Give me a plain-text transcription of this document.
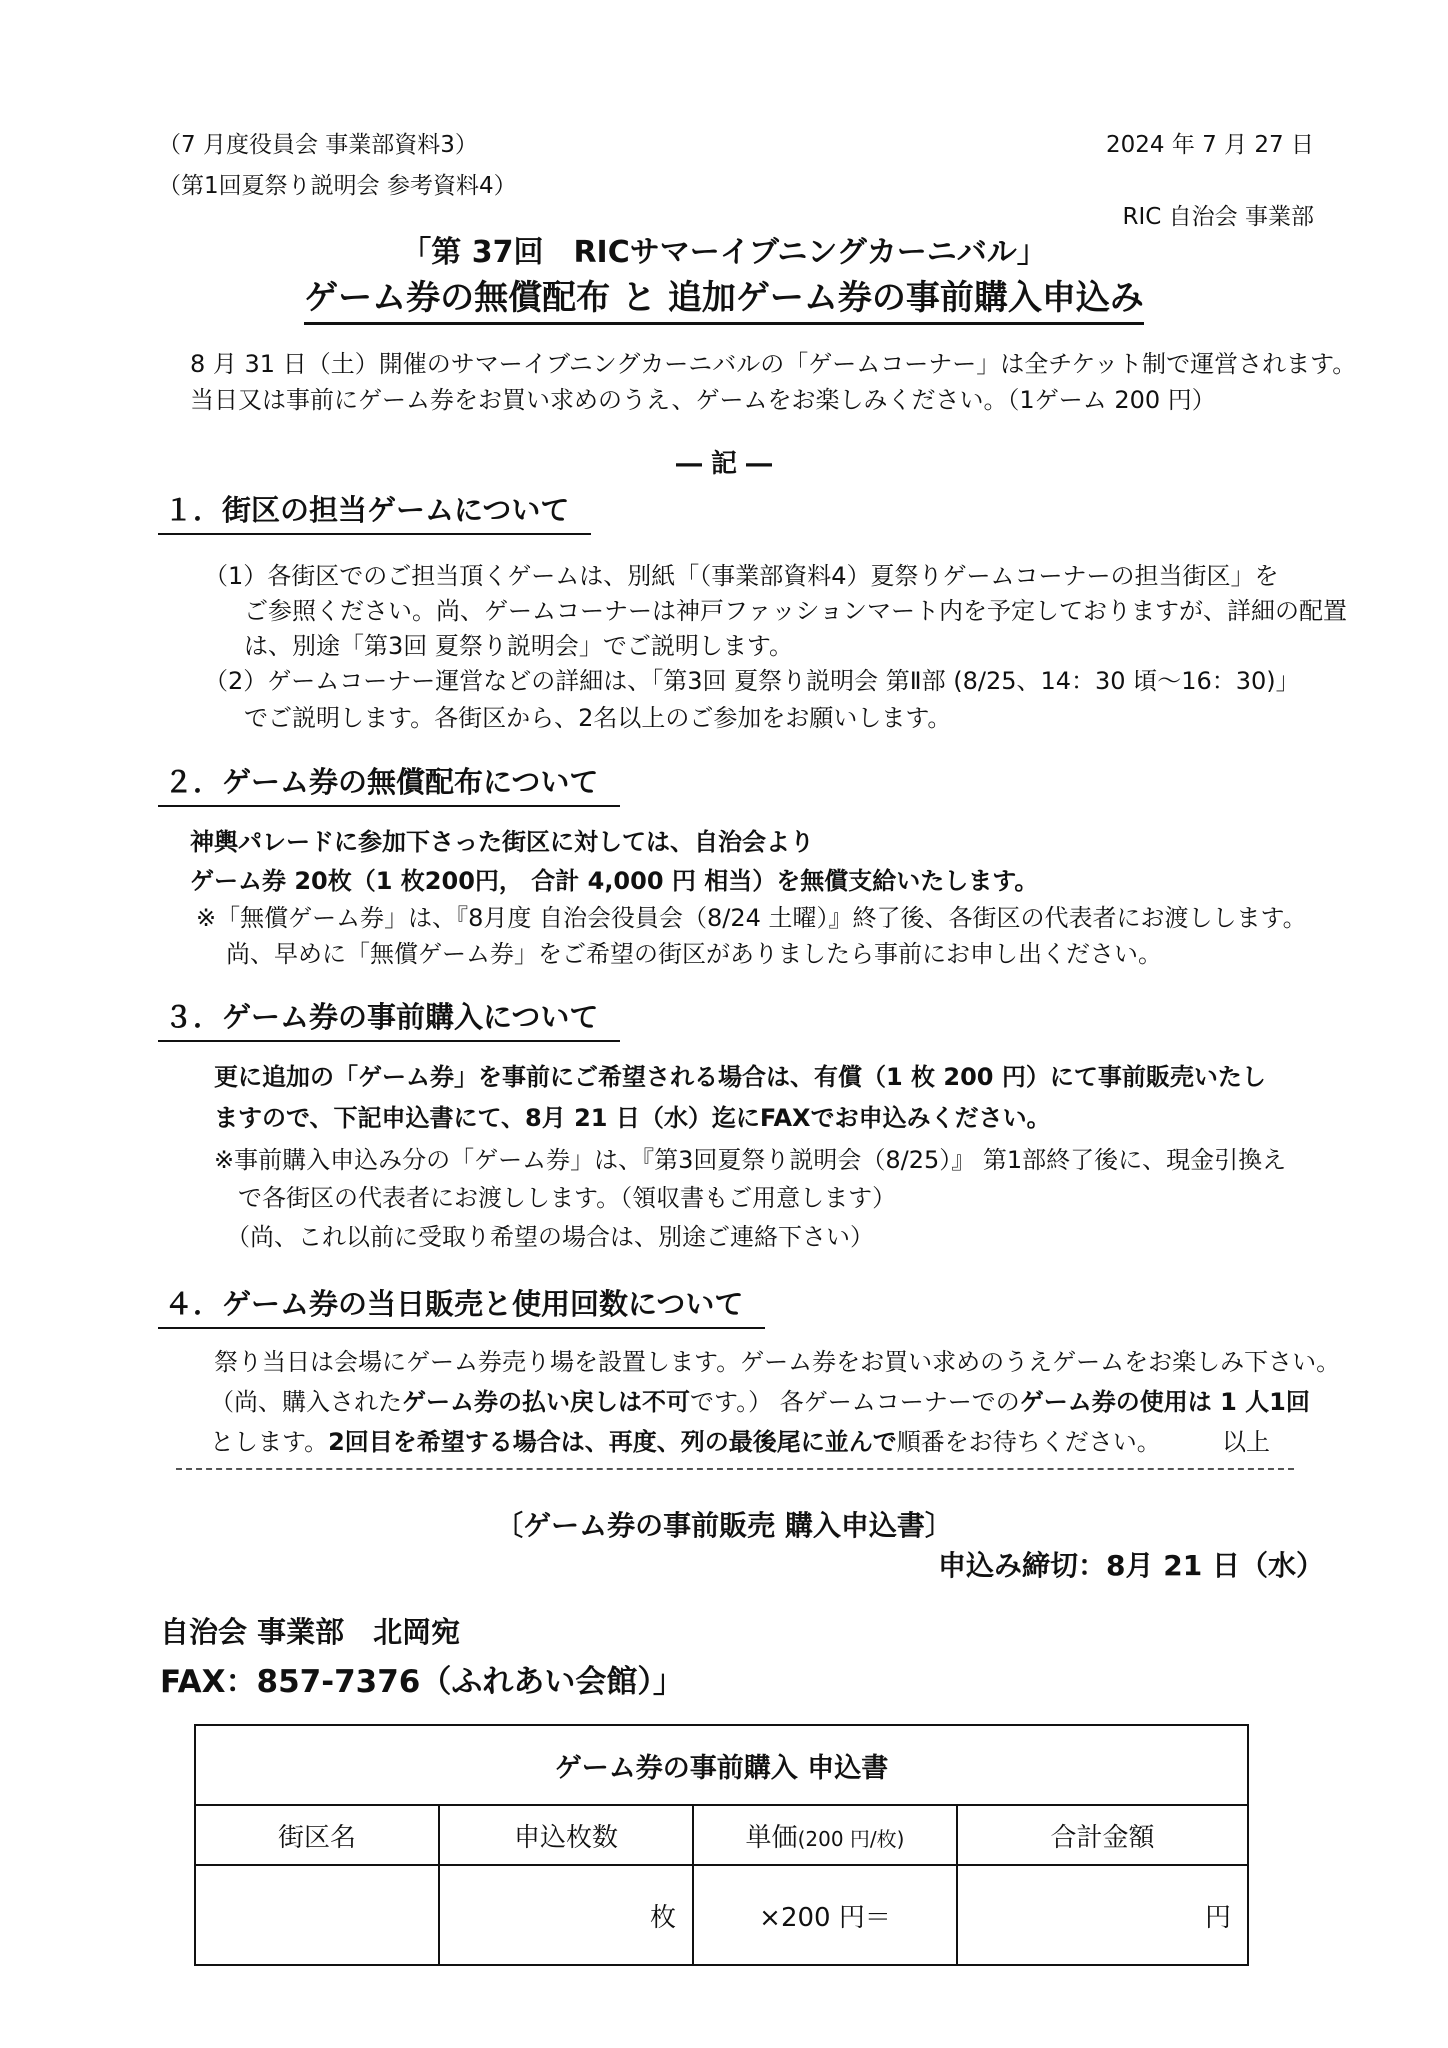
（7 月度役員会 事業部資料3）
（第1回夏祭り説明会 参考資料4）
2024 年 7 月 27 日
RIC 自治会 事業部
「第 37回　RICサマーイブニングカーニバル」
ゲーム券の無償配布 と 追加ゲーム券の事前購入申込み
8 月 31 日（土）開催のサマーイブニングカーニバルの「ゲームコーナー」は全チケット制で運営されます。
当日又は事前にゲーム券をお買い求めのうえ、ゲームをお楽しみください。（1ゲーム 200 円）
― 記 ―
１．街区の担当ゲームについて
（1）各街区でのご担当頂くゲームは、別紙「（事業部資料4）夏祭りゲームコーナーの担当街区」を
ご参照ください。尚、ゲームコーナーは神戸ファッションマート内を予定しておりますが、詳細の配置
は、別途「第3回 夏祭り説明会」でご説明します。
（2）ゲームコーナー運営などの詳細は、「第3回 夏祭り説明会 第Ⅱ部 (8/25、14：30 頃～16：30)」
でご説明します。各街区から、2名以上のご参加をお願いします。
２．ゲーム券の無償配布について
神輿パレードに参加下さった街区に対しては、自治会より
ゲーム券 20枚（1 枚200円， 合計 4,000 円 相当）を無償支給いたします。
※「無償ゲーム券」は、『8月度 自治会役員会（8/24 土曜）』終了後、各街区の代表者にお渡しします。
尚、早めに「無償ゲーム券」をご希望の街区がありましたら事前にお申し出ください。
３．ゲーム券の事前購入について
更に追加の「ゲーム券」を事前にご希望される場合は、有償（1 枚 200 円）にて事前販売いたし
ますので、下記申込書にて、8月 21 日（水）迄にFAXでお申込みください。
※事前購入申込み分の「ゲーム券」は、『第3回夏祭り説明会（8/25）』 第1部終了後に、現金引換え
で各街区の代表者にお渡しします。（領収書もご用意します）
（尚、これ以前に受取り希望の場合は、別途ご連絡下さい）
４．ゲーム券の当日販売と使用回数について
祭り当日は会場にゲーム券売り場を設置します。ゲーム券をお買い求めのうえゲームをお楽しみ下さい。
（尚、購入されたゲーム券の払い戻しは不可です。） 各ゲームコーナーでのゲーム券の使用は 1 人1回
とします。2回目を希望する場合は、再度、列の最後尾に並んで順番をお待ちください。	以上
〔ゲーム券の事前販売 購入申込書〕
申込み締切：8月 21 日（水）
自治会 事業部　北岡宛
FAX：857-7376（ふれあい会館）」
ゲーム券の事前購入 申込書			
街区名	申込枚数	単価(200 円/枚)	合計金額
	枚	×200 円＝	円
